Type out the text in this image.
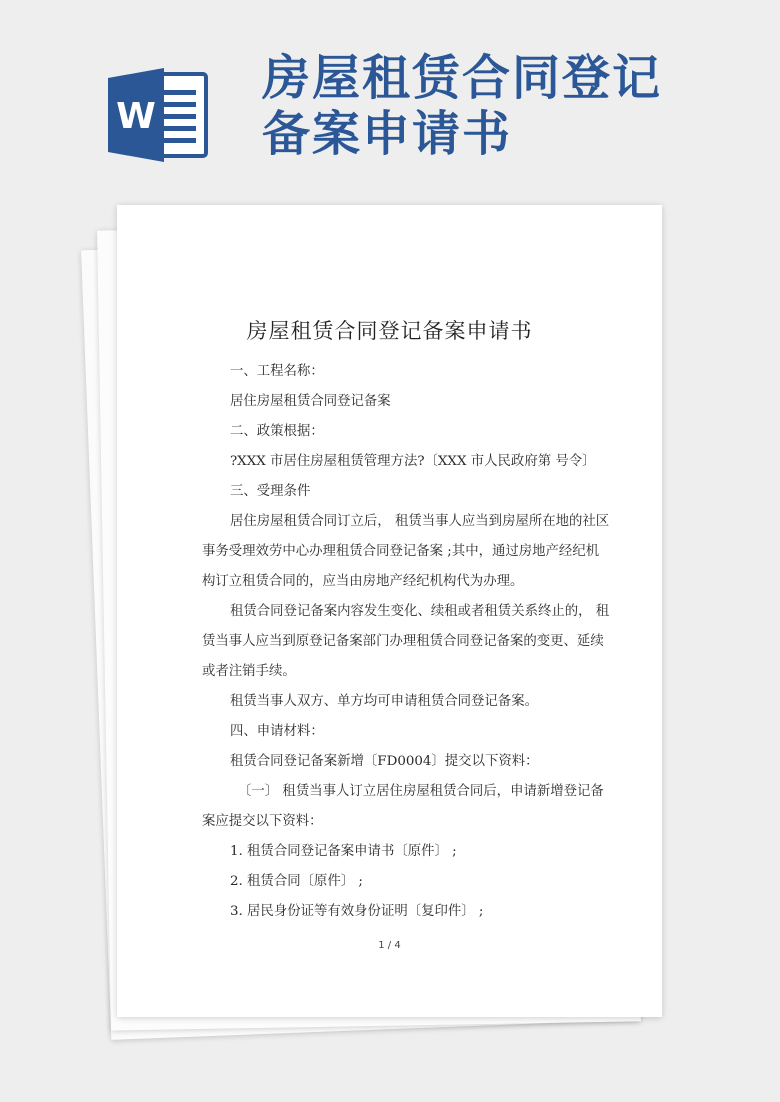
W
房屋租赁合同登记
备案申请书
房屋租赁合同登记备案申请书

一、工程名称：

居住房屋租赁合同登记备案

二、政策根据：

?XXX 市居住房屋租赁管理方法?〔XXX 市人民政府第 号令〕

三、受理条件

居住房屋租赁合同订立后， 租赁当事人应当到房屋所在地的社区
事务受理效劳中心办理租赁合同登记备案 ;其中，通过房地产经纪机
构订立租赁合同的，应当由房地产经纪机构代为办理。

租赁合同登记备案内容发生变化、续租或者租赁关系终止的， 租
赁当事人应当到原登记备案部门办理租赁合同登记备案的变更、延续
或者注销手续。

租赁当事人双方、单方均可申请租赁合同登记备案。

四、申请材料：

租赁合同登记备案新增〔FD0004〕提交以下资料：

〔一〕 租赁当事人订立居住房屋租赁合同后，申请新增登记备
案应提交以下资料：

1. 租赁合同登记备案申请书〔原件〕 ;

2. 租赁合同〔原件〕 ;

3. 居民身份证等有效身份证明〔复印件〕 ;

1 / 4
